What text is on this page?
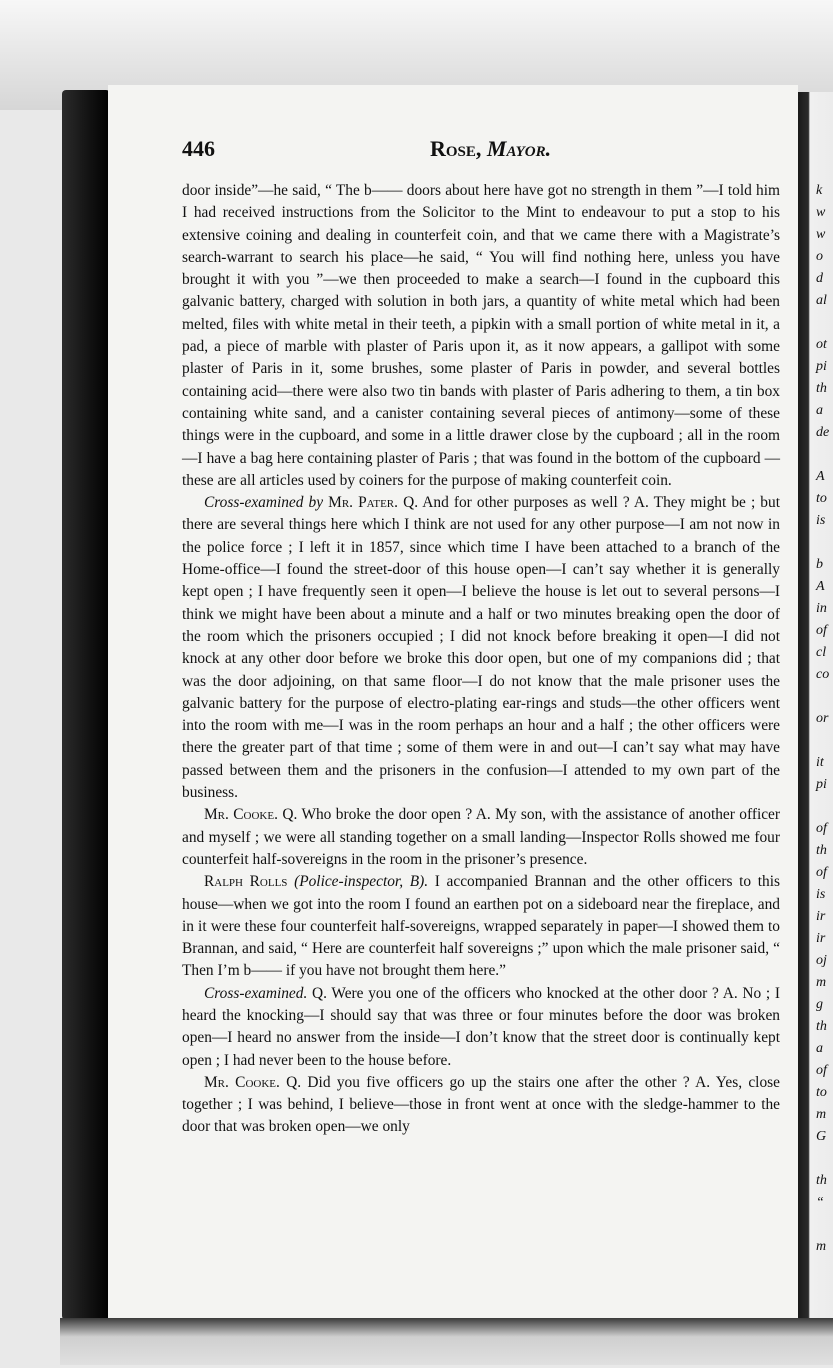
k
w
w
o
d
al
ot
pi
th
a
de
A
to
is
b
A
in
of
cl
co
or
it
pi
of
th
of
is
ir
ir
oj
m
g
th
a
of
to
m
G
th
“
m
446	Rose, Mayor.

door inside”—he said, “ The b—— doors about here have got no strength in them ”—I told him I had received instructions from the Solicitor to the Mint to endeavour to put a stop to his extensive coining and dealing in counterfeit coin, and that we came there with a Magistrate’s search-warrant to search his place—he said, “ You will find nothing here, unless you have brought it with you ”—we then proceeded to make a search—I found in the cupboard this galvanic battery, charged with solution in both jars, a quantity of white metal which had been melted, files with white metal in their teeth, a pipkin with a small portion of white metal in it, a pad, a piece of marble with plaster of Paris upon it, as it now appears, a gallipot with some plaster of Paris in it, some brushes, some plaster of Paris in powder, and several bottles containing acid—there were also two tin bands with plaster of Paris adhering to them, a tin box containing white sand, and a canister containing several pieces of antimony—some of these things were in the cupboard, and some in a little drawer close by the cupboard ; all in the room—I have a bag here containing plaster of Paris ; that was found in the bottom of the cupboard —these are all articles used by coiners for the purpose of making counterfeit coin.

Cross-examined by Mr. Pater. Q. And for other purposes as well ? A. They might be ; but there are several things here which I think are not used for any other purpose—I am not now in the police force ; I left it in 1857, since which time I have been attached to a branch of the Home-office—I found the street-door of this house open—I can’t say whether it is generally kept open ; I have frequently seen it open—I believe the house is let out to several persons—I think we might have been about a minute and a half or two minutes breaking open the door of the room which the prisoners occupied ; I did not knock before breaking it open—I did not knock at any other door before we broke this door open, but one of my companions did ; that was the door adjoining, on that same floor—I do not know that the male prisoner uses the galvanic battery for the purpose of electro-plating ear-rings and studs—the other officers went into the room with me—I was in the room perhaps an hour and a half ; the other officers were there the greater part of that time ; some of them were in and out—I can’t say what may have passed between them and the prisoners in the confusion—I attended to my own part of the business.

Mr. Cooke. Q. Who broke the door open ? A. My son, with the assistance of another officer and myself ; we were all standing together on a small landing—Inspector Rolls showed me four counterfeit half-sovereigns in the room in the prisoner’s presence.

Ralph Rolls (Police-inspector, B). I accompanied Brannan and the other officers to this house—when we got into the room I found an earthen pot on a sideboard near the fireplace, and in it were these four counterfeit half-sovereigns, wrapped separately in paper—I showed them to Brannan, and said, “ Here are counterfeit half sovereigns ;” upon which the male prisoner said, “ Then I’m b—— if you have not brought them here.”

Cross-examined. Q. Were you one of the officers who knocked at the other door ? A. No ; I heard the knocking—I should say that was three or four minutes before the door was broken open—I heard no answer from the inside—I don’t know that the street door is continually kept open ; I had never been to the house before.

Mr. Cooke. Q. Did you five officers go up the stairs one after the other ? A. Yes, close together ; I was behind, I believe—those in front went at once with the sledge-hammer to the door that was broken open—we only
